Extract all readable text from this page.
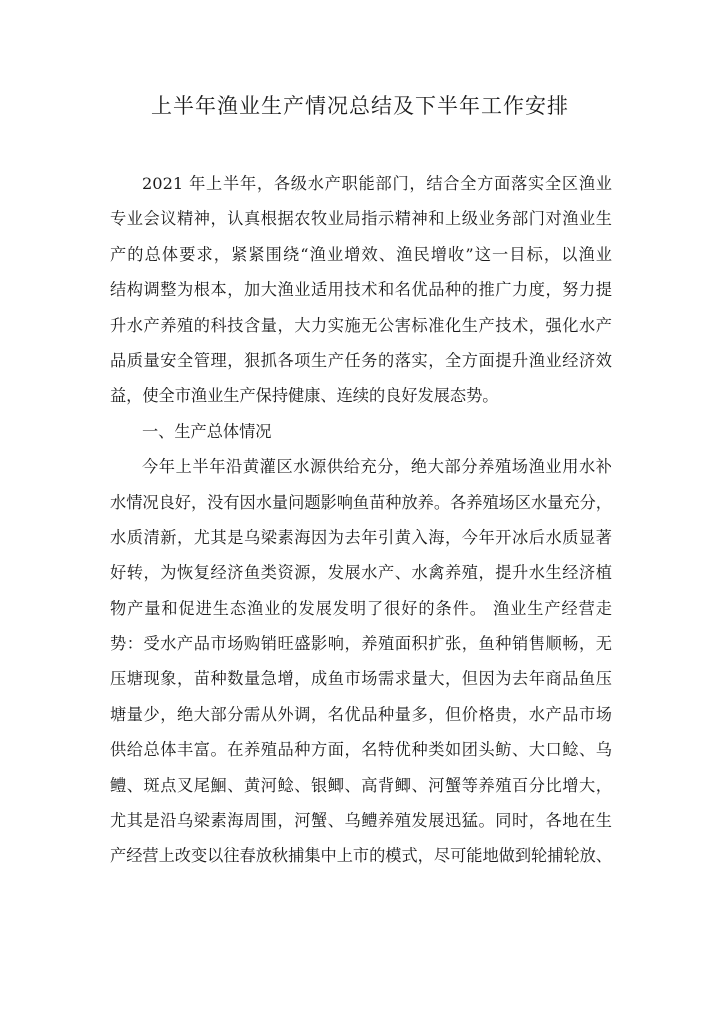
上半年渔业生产情况总结及下半年工作安排
2021 年上半年，各级水产职能部门，结合全方面落实全区渔业
专业会议精神，认真根据农牧业局指示精神和上级业务部门对渔业生
产的总体要求，紧紧围绕“渔业增效、渔民增收”这一目标，以渔业
结构调整为根本，加大渔业适用技术和名优品种的推广力度，努力提
升水产养殖的科技含量，大力实施无公害标准化生产技术，强化水产
品质量安全管理，狠抓各项生产任务的落实，全方面提升渔业经济效
益，使全市渔业生产保持健康、连续的良好发展态势。
一、生产总体情况
今年上半年沿黄灌区水源供给充分，绝大部分养殖场渔业用水补
水情况良好，没有因水量问题影响鱼苗种放养。各养殖场区水量充分，
水质清新，尤其是乌梁素海因为去年引黄入海，今年开冰后水质显著
好转，为恢复经济鱼类资源，发展水产、水禽养殖，提升水生经济植
物产量和促进生态渔业的发展发明了很好的条件。 渔业生产经营走
势：受水产品市场购销旺盛影响，养殖面积扩张，鱼种销售顺畅，无
压塘现象，苗种数量急增，成鱼市场需求量大，但因为去年商品鱼压
塘量少，绝大部分需从外调，名优品种量多，但价格贵，水产品市场
供给总体丰富。在养殖品种方面，名特优种类如团头鲂、大口鲶、乌
鳢、斑点叉尾鮰、黄河鲶、银鲫、高背鲫、河蟹等养殖百分比增大，
尤其是沿乌梁素海周围，河蟹、乌鳢养殖发展迅猛。同时，各地在生
产经营上改变以往春放秋捕集中上市的模式，尽可能地做到轮捕轮放、
